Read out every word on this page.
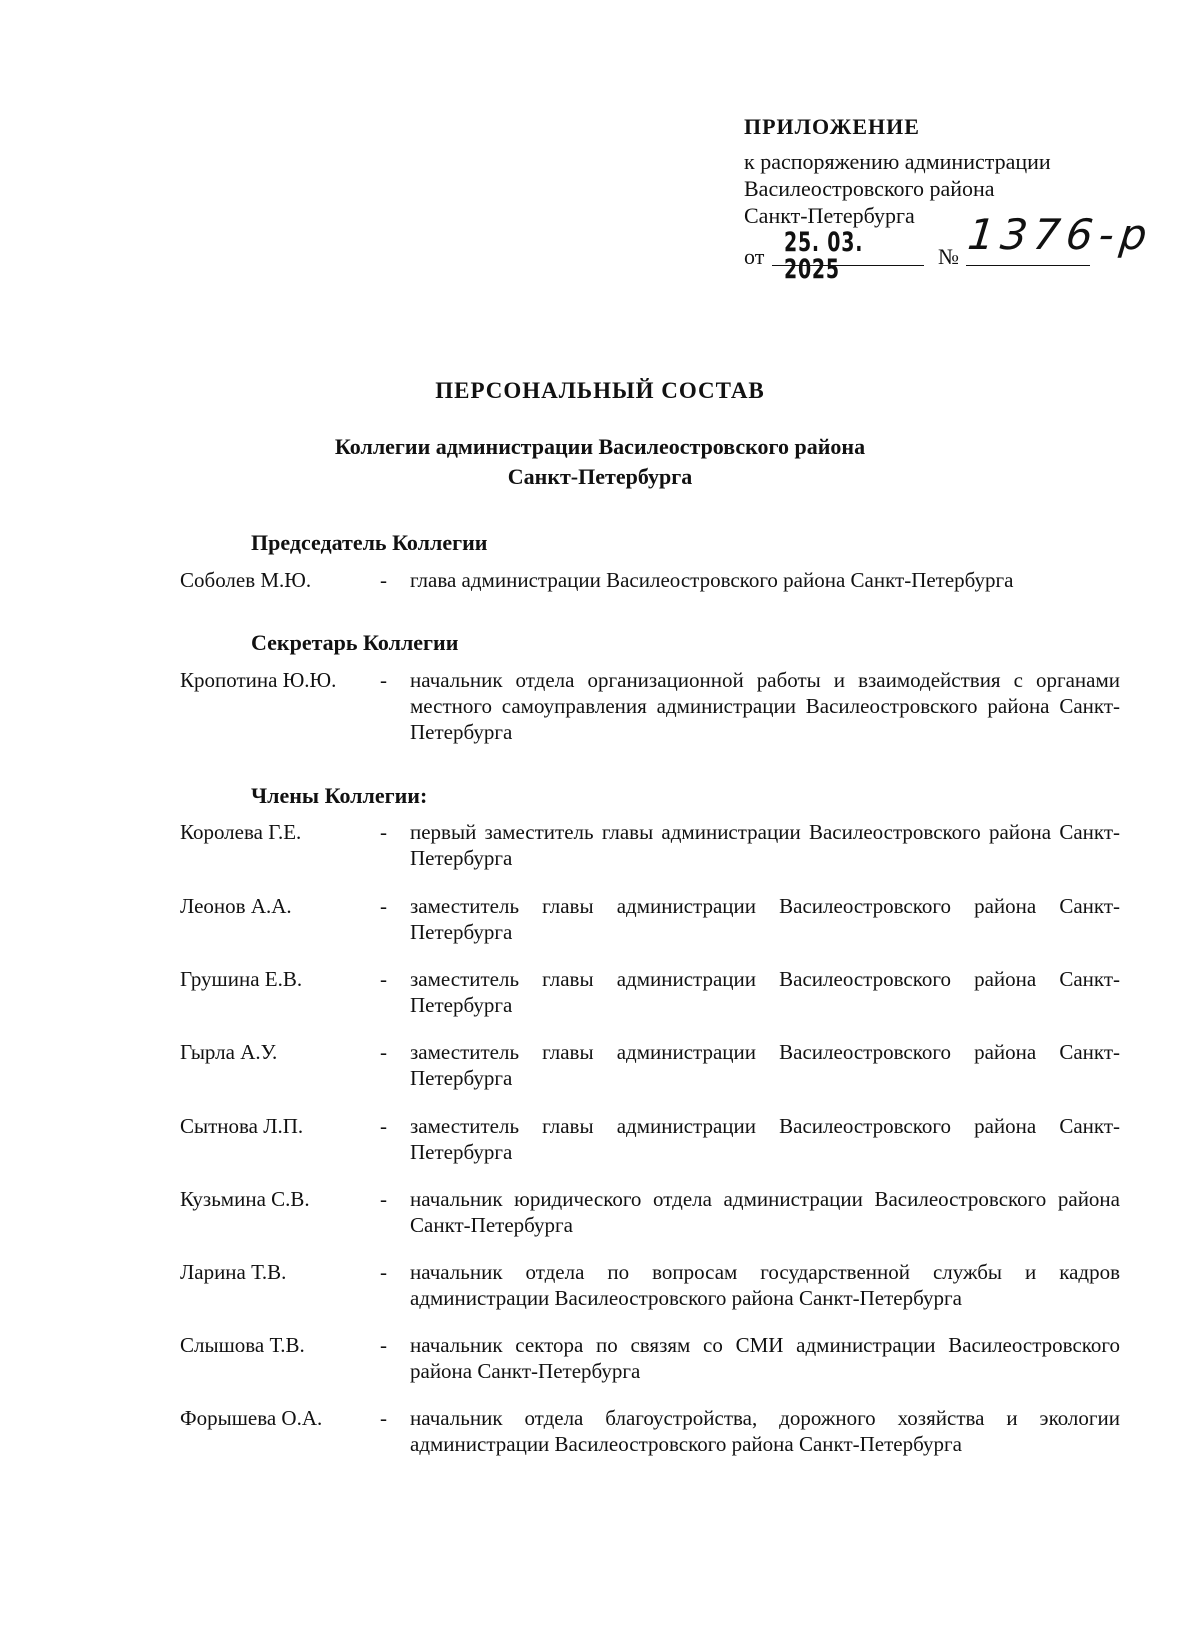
ПРИЛОЖЕНИЕ
к распоряжению администрации
Василеостровского района
Санкт-Петербурга
от 25. 03. 2025	№ 1376-р
ПЕРСОНАЛЬНЫЙ СОСТАВ
Коллегии администрации Василеостровского района
Санкт-Петербурга
Председатель Коллегии
Соболев М.Ю.	- глава администрации Василеостровского района Санкт-Петербурга
Секретарь Коллегии
Кропотина Ю.Ю.	- начальник отдела организационной работы и взаимодействия с органами местного самоуправления администрации Василеостровского района Санкт-Петербурга
Члены Коллегии:
Королева Г.Е.	- первый заместитель главы администрации Василеостровского района Санкт-Петербурга
Леонов А.А.	- заместитель главы администрации Василеостровского района Санкт-Петербурга
Грушина Е.В.	- заместитель главы администрации Василеостровского района Санкт-Петербурга
Гырла А.У.	- заместитель главы администрации Василеостровского района Санкт-Петербурга
Сытнова Л.П.	- заместитель главы администрации Василеостровского района Санкт-Петербурга
Кузьмина С.В.	- начальник юридического отдела администрации Василеостровского района Санкт-Петербурга
Ларина Т.В.	- начальник отдела по вопросам государственной службы и кадров администрации Василеостровского района Санкт-Петербурга
Слышова Т.В.	- начальник сектора по связям со СМИ администрации Василеостровского района Санкт-Петербурга
Форышева О.А.	- начальник отдела благоустройства, дорожного хозяйства и экологии администрации Василеостровского района Санкт-Петербурга
